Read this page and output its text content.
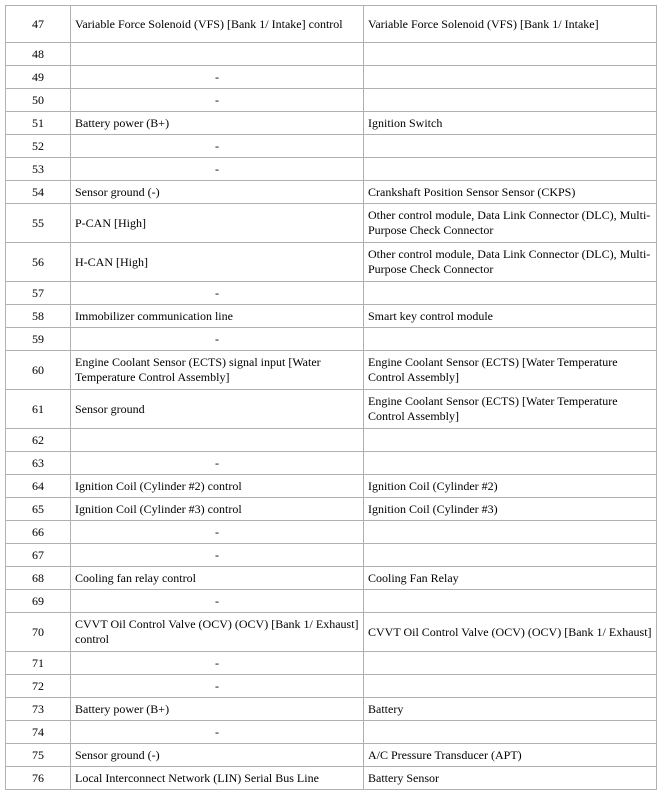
47	Variable Force Solenoid (VFS) [Bank 1/ Intake] control	Variable Force Solenoid (VFS) [Bank 1/ Intake]
48		
49	-	
50	-	
51	Battery power (B+)	Ignition Switch
52	-	
53	-	
54	Sensor ground (-)	Crankshaft Position Sensor Sensor (CKPS)
55	P-CAN [High]	Other control module, Data Link Connector (DLC), Multi-Purpose Check Connector
56	H-CAN [High]	Other control module, Data Link Connector (DLC), Multi-Purpose Check Connector
57	-	
58	Immobilizer communication line	Smart key control module
59	-	
60	Engine Coolant Sensor (ECTS) signal input [Water Temperature Control Assembly]	Engine Coolant Sensor (ECTS) [Water Temperature Control Assembly]
61	Sensor ground	Engine Coolant Sensor (ECTS) [Water Temperature Control Assembly]
62		
63	-	
64	Ignition Coil (Cylinder #2) control	Ignition Coil (Cylinder #2)
65	Ignition Coil (Cylinder #3) control	Ignition Coil (Cylinder #3)
66	-	
67	-	
68	Cooling fan relay control	Cooling Fan Relay
69	-	
70	CVVT Oil Control Valve (OCV) (OCV) [Bank 1/ Exhaust] control	CVVT Oil Control Valve (OCV) (OCV) [Bank 1/ Exhaust]
71	-	
72	-	
73	Battery power (B+)	Battery
74	-	
75	Sensor ground (-)	A/C Pressure Transducer (APT)
76	Local Interconnect Network (LIN) Serial Bus Line	Battery Sensor
